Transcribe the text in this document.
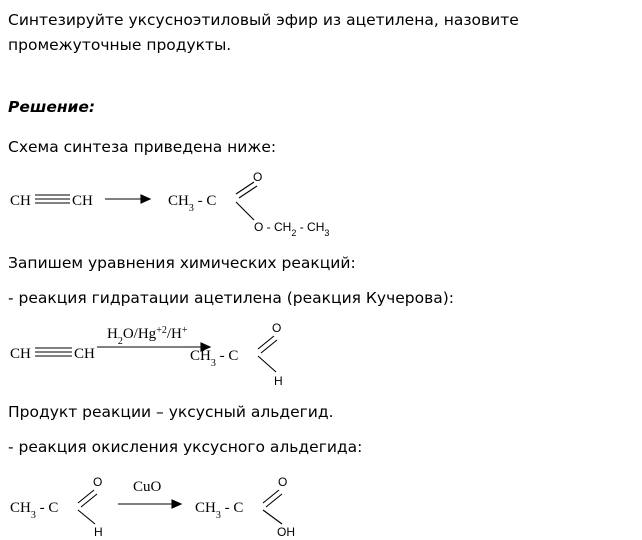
Синтезируйте уксусноэтиловый эфир из ацетилена, назовите промежуточные продукты.
Решение:
Схема синтеза приведена ниже:
CH	CH	$CH_3$ - C
O
O - $CH_2 - CH_3$
Запишем уравнения химических реакций:
- реакция гидратации ацетилена (реакция Кучерова):
CH	CH
$H_2O/Hg^{+2}/H^+$
$CH_3$ - C
O
H
Продукт реакции – уксусный альдегид.
- реакция окисления уксусного альдегида:
$CH_3$ - C
O
H
CuO
$CH_3$ - C
O
OH
